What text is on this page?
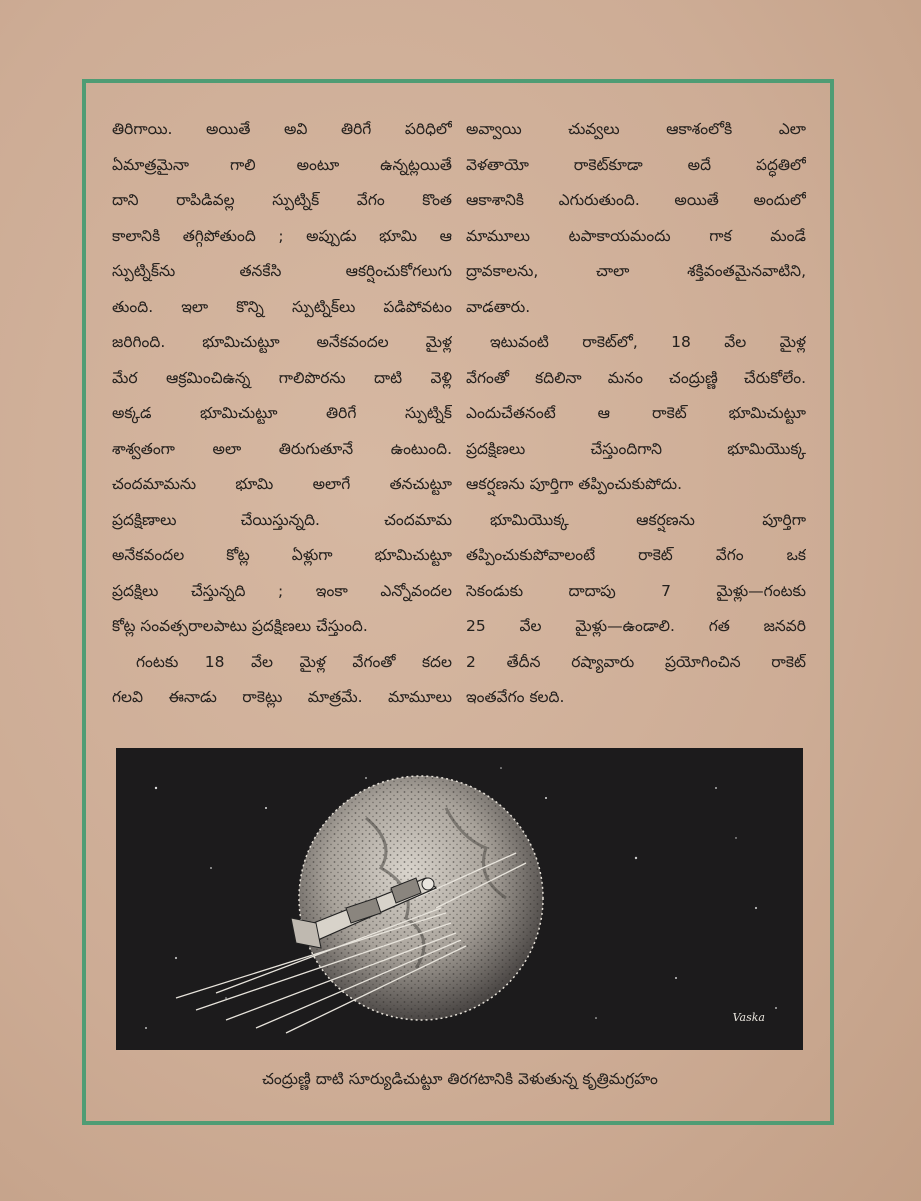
తిరిగాయి. అయితే అవి తిరిగే పరిధిలో
ఏమాత్రమైనా గాలి అంటూ ఉన్నట్లయితే
దాని రాపిడివల్ల స్పుట్నిక్ వేగం కొంత
కాలానికి తగ్గిపోతుంది ; అప్పుడు భూమి ఆ
స్పుట్నిక్‌ను తనకేసి ఆకర్షించుకోగలుగు
తుంది. ఇలా కొన్ని స్పుట్నిక్‌లు పడిపోవటం
జరిగింది. భూమిచుట్టూ అనేకవందల మైళ్ల
మేర ఆక్రమించిఉన్న గాలిపొరను దాటి వెళ్లి
అక్కడ భూమిచుట్టూ తిరిగే స్పుట్నిక్
శాశ్వతంగా అలా తిరుగుతూనే ఉంటుంది.
చందమామను భూమి అలాగే తనచుట్టూ
ప్రదక్షిణాలు చేయిస్తున్నది. చందమామ
అనేకవందల కోట్ల ఏళ్లుగా భూమిచుట్టూ
ప్రదక్షిలు చేస్తున్నది ; ఇంకా ఎన్నోవందల
కోట్ల సంవత్సరాలపాటు ప్రదక్షిణలు చేస్తుంది.
గంటకు 18 వేల మైళ్ల వేగంతో కదల
గలవి ఈనాడు రాకెట్లు మాత్రమే. మామూలు
అవ్వాయి చువ్వలు ఆకాశంలోకి ఎలా
వెళతాయో రాకెట్‌కూడా అదే పద్ధతిలో
ఆకాశానికి ఎగురుతుంది. అయితే అందులో
మామూలు టపాకాయమందు గాక మండే
ద్రావకాలను, చాలా శక్తివంతమైనవాటిని,
వాడతారు.
ఇటువంటి రాకెట్‌లో, 18 వేల మైళ్ల
వేగంతో కదిలినా మనం చంద్రుణ్ణి చేరుకోలేం.
ఎందుచేతనంటే ఆ రాకెట్ భూమిచుట్టూ
ప్రదక్షిణలు చేస్తుందిగాని భూమియొక్క
ఆకర్షణను పూర్తిగా తప్పించుకుపోదు.
భూమియొక్క ఆకర్షణను పూర్తిగా
తప్పించుకుపోవాలంటే రాకెట్ వేగం ఒక
సెకండుకు దాదాపు 7 మైళ్లు—గంటకు
25 వేల మైళ్లు—ఉండాలి. గత జనవరి
2 తేదీన రష్యావారు ప్రయోగించిన రాకెట్
ఇంతవేగం కలది.
Vaska
చంద్రుణ్ణి దాటి సూర్యుడిచుట్టూ తిరగటానికి వెళుతున్న కృత్రిమగ్రహం
